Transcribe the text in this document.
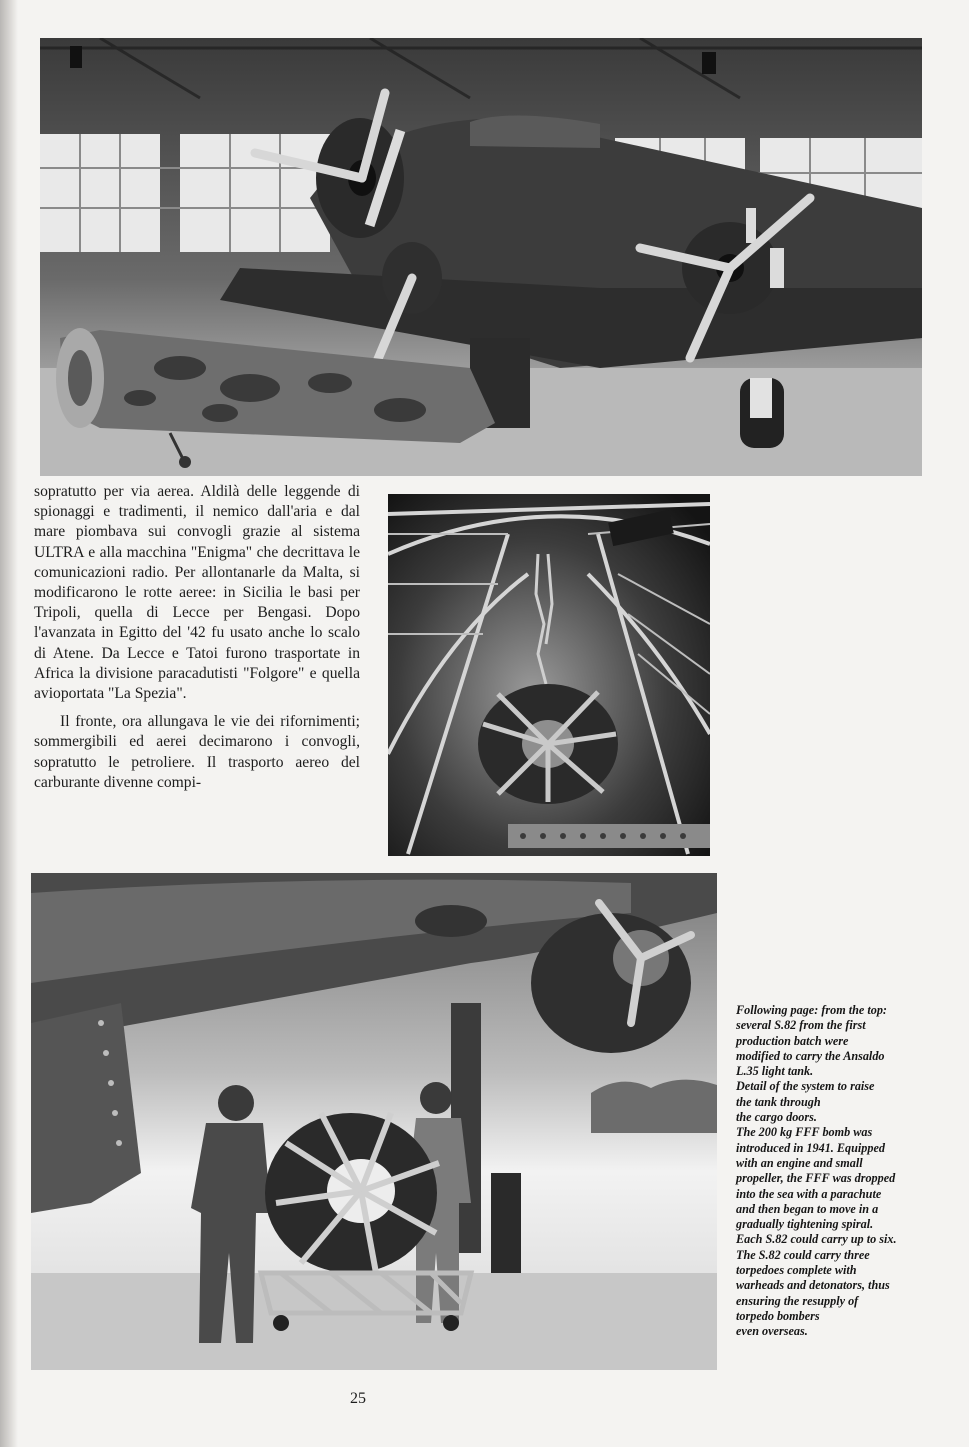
sopratutto per via aerea. Aldilà delle leggende di spionaggi e tradimenti, il nemico dall'aria e dal mare piombava sui convogli grazie al sistema ULTRA e alla macchina "Enigma" che decrittava le comunicazioni radio. Per allontanarle da Malta, si modificarono le rotte aeree: in Sicilia le basi per Tripoli, quella di Lecce per Bengasi. Dopo l'avanzata in Egitto del '42 fu usato anche lo scalo di Atene. Da Lecce e Tatoi furono trasportate in Africa la divisione paracadutisti "Folgore" e quella avioportata "La Spezia".

Il fronte, ora allungava le vie dei rifornimenti; sommergibili ed aerei decimarono i convogli, sopratutto le petroliere. Il trasporto aereo del carburante divenne compi-

Following page: from the top:
several S.82 from the first
production batch were
modified to carry the Ansaldo
L.35 light tank.
Detail of the system to raise
the tank through
the cargo doors.
The 200 kg FFF bomb was
introduced in 1941. Equipped
with an engine and small
propeller, the FFF was dropped
into the sea with a parachute
and then began to move in a
gradually tightening spiral.
Each S.82 could carry up to six.
The S.82 could carry three
torpedoes complete with
warheads and detonators, thus
ensuring the resupply of
torpedo bombers
even overseas.
25
